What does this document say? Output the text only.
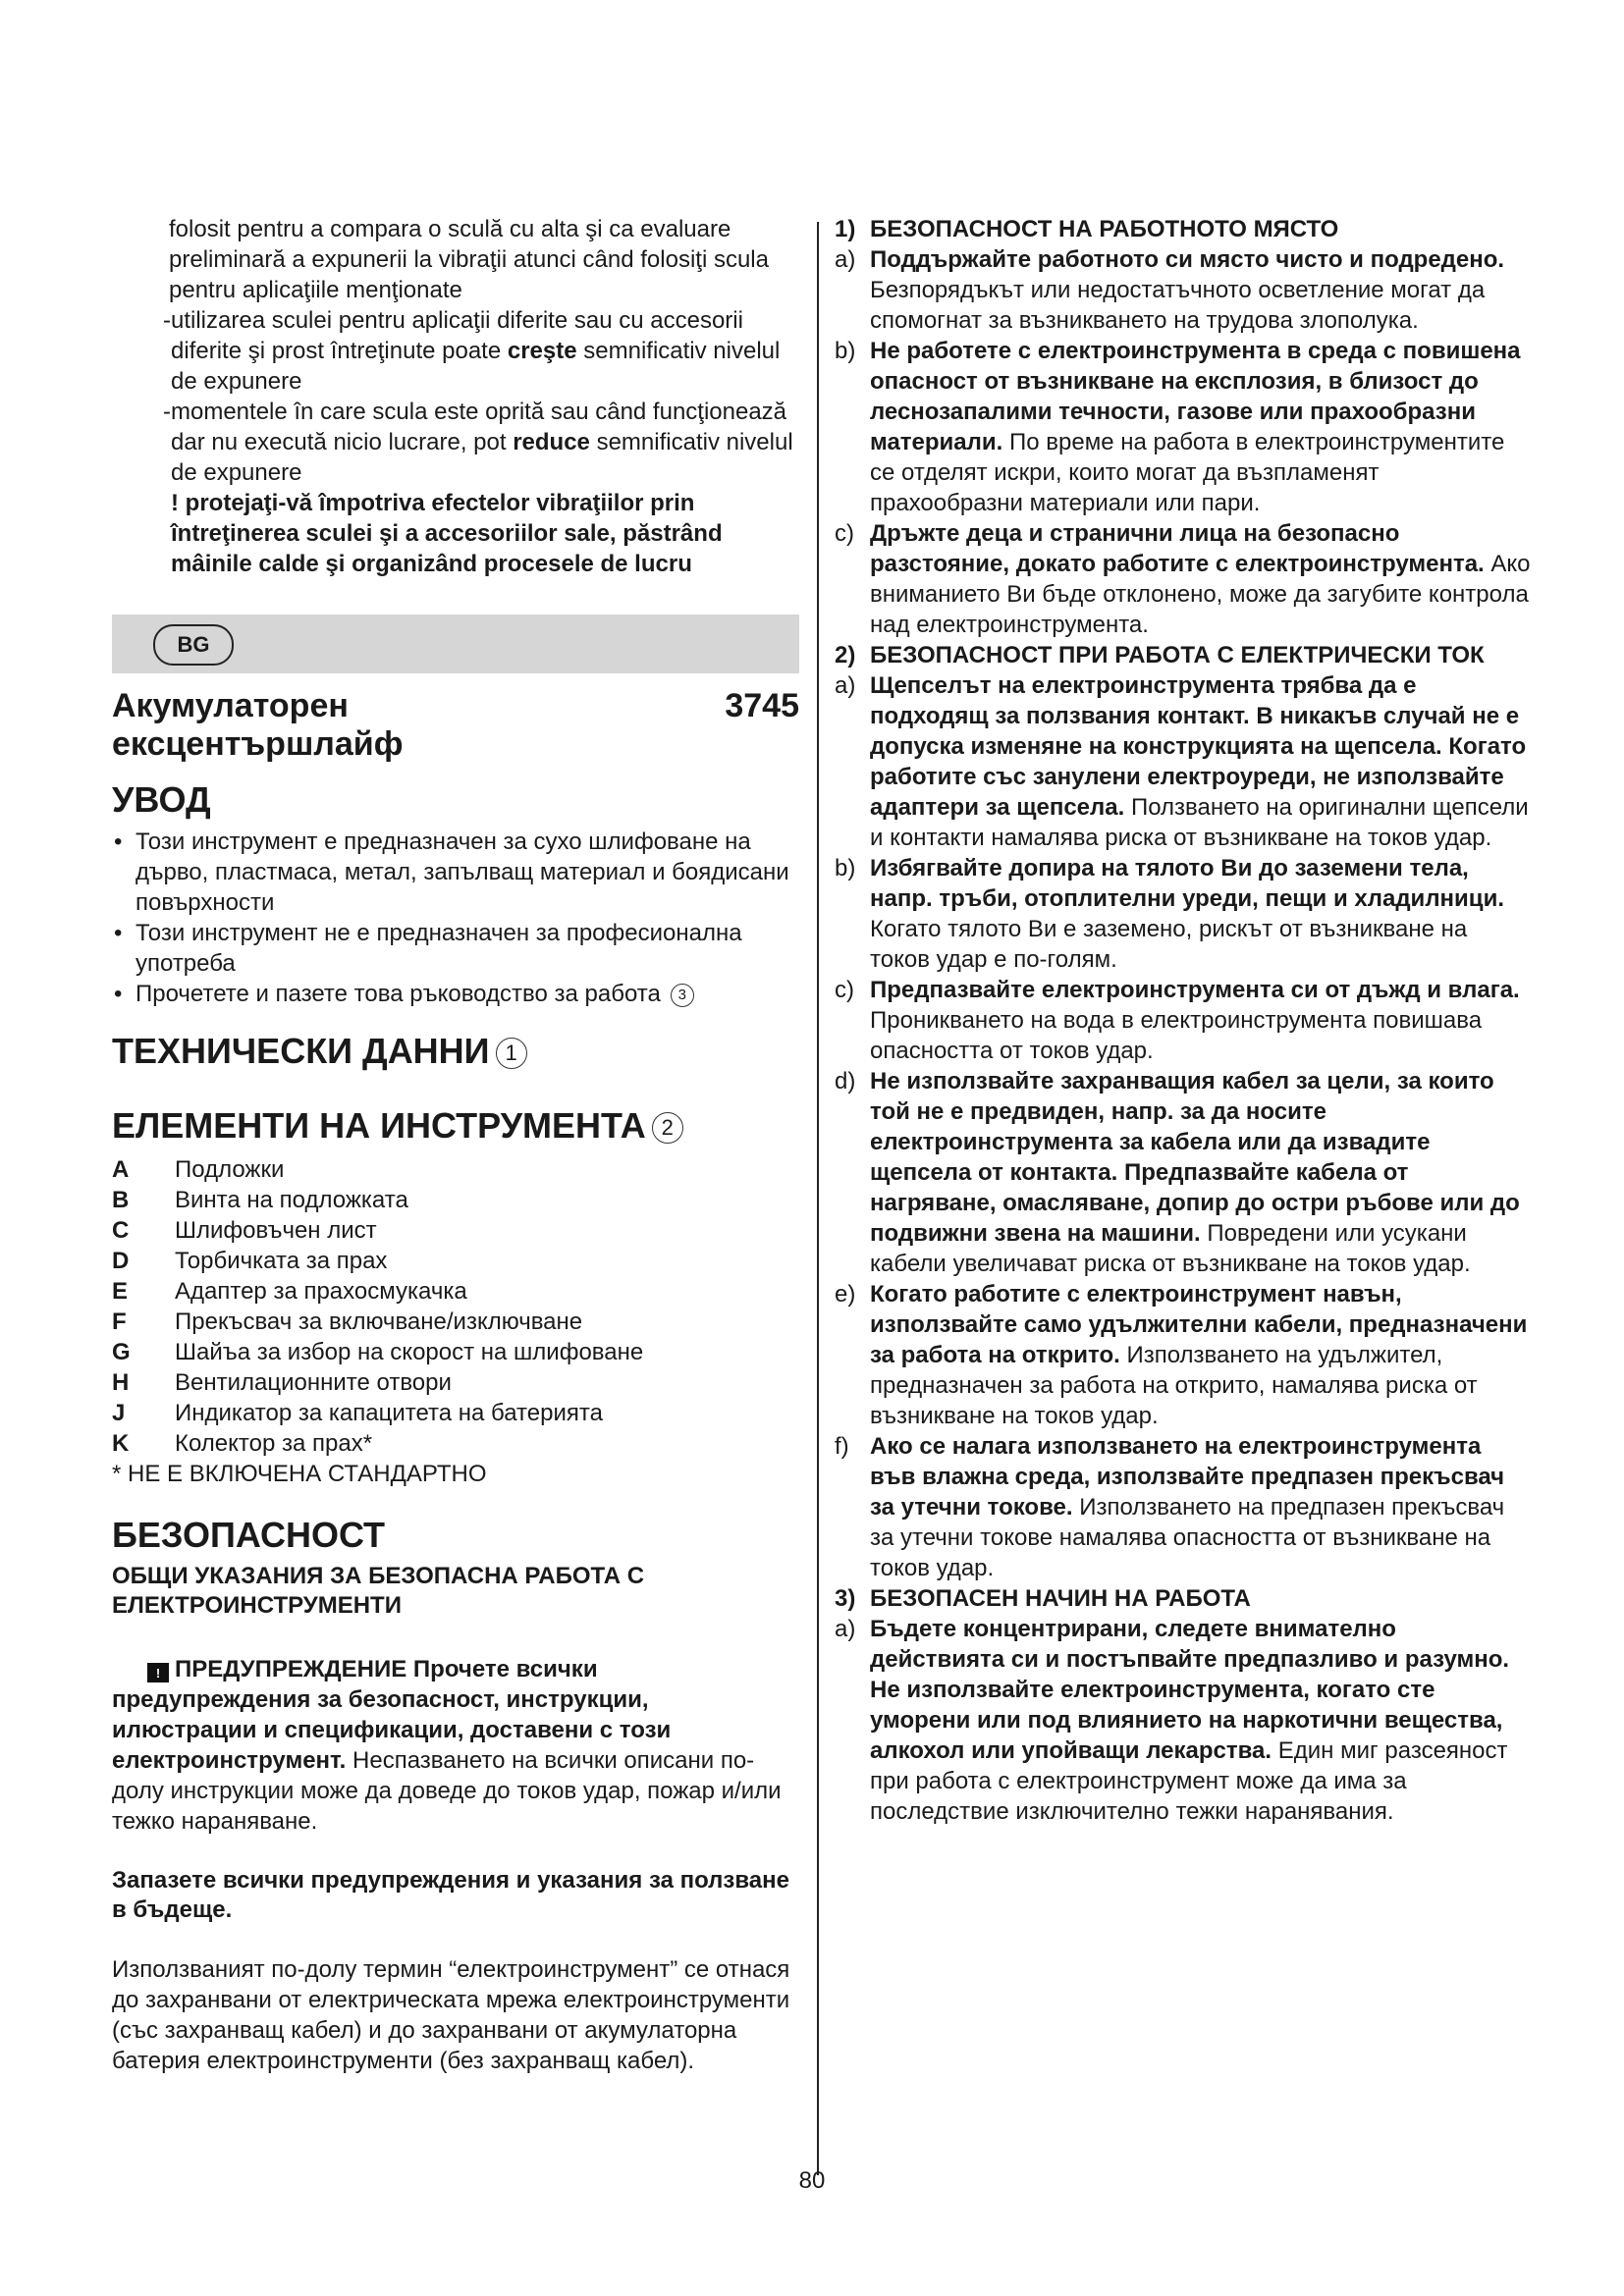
folosit pentru a compara o sculă cu alta şi ca evaluare preliminară a expunerii la vibraţii atunci când folosiţi scula pentru aplicaţiile menţionate

-utilizarea sculei pentru aplicaţii diferite sau cu accesorii diferite şi prost întreţinute poate creşte semnificativ nivelul de expunere

-momentele în care scula este oprită sau când funcţionează dar nu execută nicio lucrare, pot reduce semnificativ nivelul de expunere

! protejaţi-vă împotriva efectelor vibraţiilor prin întreţinerea sculei şi a accesoriilor sale, păstrând mâinile calde şi organizând procesele de lucru

BG
Акумулаторен ексцентършлайф
3745
УВОД
• Този инструмент е предназначен за сухо шлифоване на дърво, пластмаса, метал, запълващ материал и боядисани повърхности
• Този инструмент не е предназначен за професионална употреба
• Прочетете и пазете това ръководство за работа 3
ТЕХНИЧЕСКИ ДАННИ 1
ЕЛЕМЕНТИ НА ИНСТРУМЕНТА 2
A	Подложки
B	Винта на подложката
C	Шлифовъчен лист
D	Торбичката за прах
E	Адаптер за прахосмукачка
F	Прекъсвач за включване/изключване
G	Шайъа за избор на скорост на шлифоване
H	Вентилационните отвори
J	Индикатор за капацитета на батерията
K	Колектор за прах*

* НЕ Е ВКЛЮЧЕНА СТАНДАРТНО

БЕЗОПАСНОСТ
ОБЩИ УКАЗАНИЯ ЗА БЕЗОПАСНА РАБОТА С ЕЛЕКТРОИНСТРУМЕНТИ

! ПРЕДУПРЕЖДЕНИЕ Прочете всички предупреждения за безопасност, инструкции, илюстрации и спецификации, доставени с този електроинструмент. Неспазването на всички описани по-долу инструкции може да доведе до токов удар, пожар и/или тежко нараняване.

Запазете всички предупреждения и указания за ползване в бъдеще.

Използваният по-долу термин “електроинструмент” се отнася до захранвани от електрическата мрежа електроинструменти (със захранващ кабел) и до захранвани от акумулаторна батерия електроинструменти (без захранващ кабел).

1) БЕЗОПАСНОСТ НА РАБОТНОТО МЯСТО
a) Поддържайте работното си място чисто и подредено. Безпорядъкът или недостатъчното осветление могат да спомогнат за възникването на трудова злополука.
b) Не работете с електроинструмента в среда с повишена опасност от възникване на експлозия, в близост до леснозапалими течности, газове или прахообразни материали. По време на работа в електроинструментите се отделят искри, които могат да възпламенят прахообразни материали или пари.
c) Дръжте деца и странични лица на безопасно разстояние, докато работите с електроинструмента. Ако вниманието Ви бъде отклонено, може да загубите контрола над електроинструмента.
2) БЕЗОПАСНОСТ ПРИ РАБОТА С ЕЛЕКТРИЧЕСКИ ТОК
a) Щепселът на електроинструмента трябва да е подходящ за ползвания контакт. В никакъв случай не е допуска изменяне на конструкцията на щепсела. Когато работите със занулени електроуреди, не използвайте адаптери за щепсела. Ползването на оригинални щепсели и контакти намалява риска от възникване на токов удар.
b) Избягвайте допира на тялото Ви до заземени тела, напр. тръби, отоплителни уреди, пещи и хладилници. Когато тялото Ви е заземено, рискът от възникване на токов удар е по-голям.
c) Предпазвайте електроинструмента си от дъжд и влага. Проникването на вода в електроинструмента повишава опасността от токов удар.
d) Не използвайте захранващия кабел за цели, за които той не е предвиден, напр. за да носите електроинструмента за кабела или да извадите щепсела от контакта. Предпазвайте кабела от нагряване, омасляване, допир до остри ръбове или до подвижни звена на машини. Повредени или усукани кабели увеличават риска от възникване на токов удар.
e) Когато работите с електроинструмент навън, използвайте само удължителни кабели, предназначени за работа на открито. Използването на удължител, предназначен за работа на открито, намалява риска от възникване на токов удар.
f) Ако се налага използването на електроинструмента във влажна среда, използвайте предпазен прекъсвач за утечни токове. Използването на предпазен прекъсвач за утечни токове намалява опасността от възникване на токов удар.
3) БЕЗОПАСЕН НАЧИН НА РАБОТА
a) Бъдете концентрирани, следете внимателно действията си и постъпвайте предпазливо и разумно. Не използвайте електроинструмента, когато сте уморени или под влиянието на наркотични вещества, алкохол или упойващи лекарства. Един миг разсеяност при работа с електроинструмент може да има за последствие изключително тежки наранявания.
80
